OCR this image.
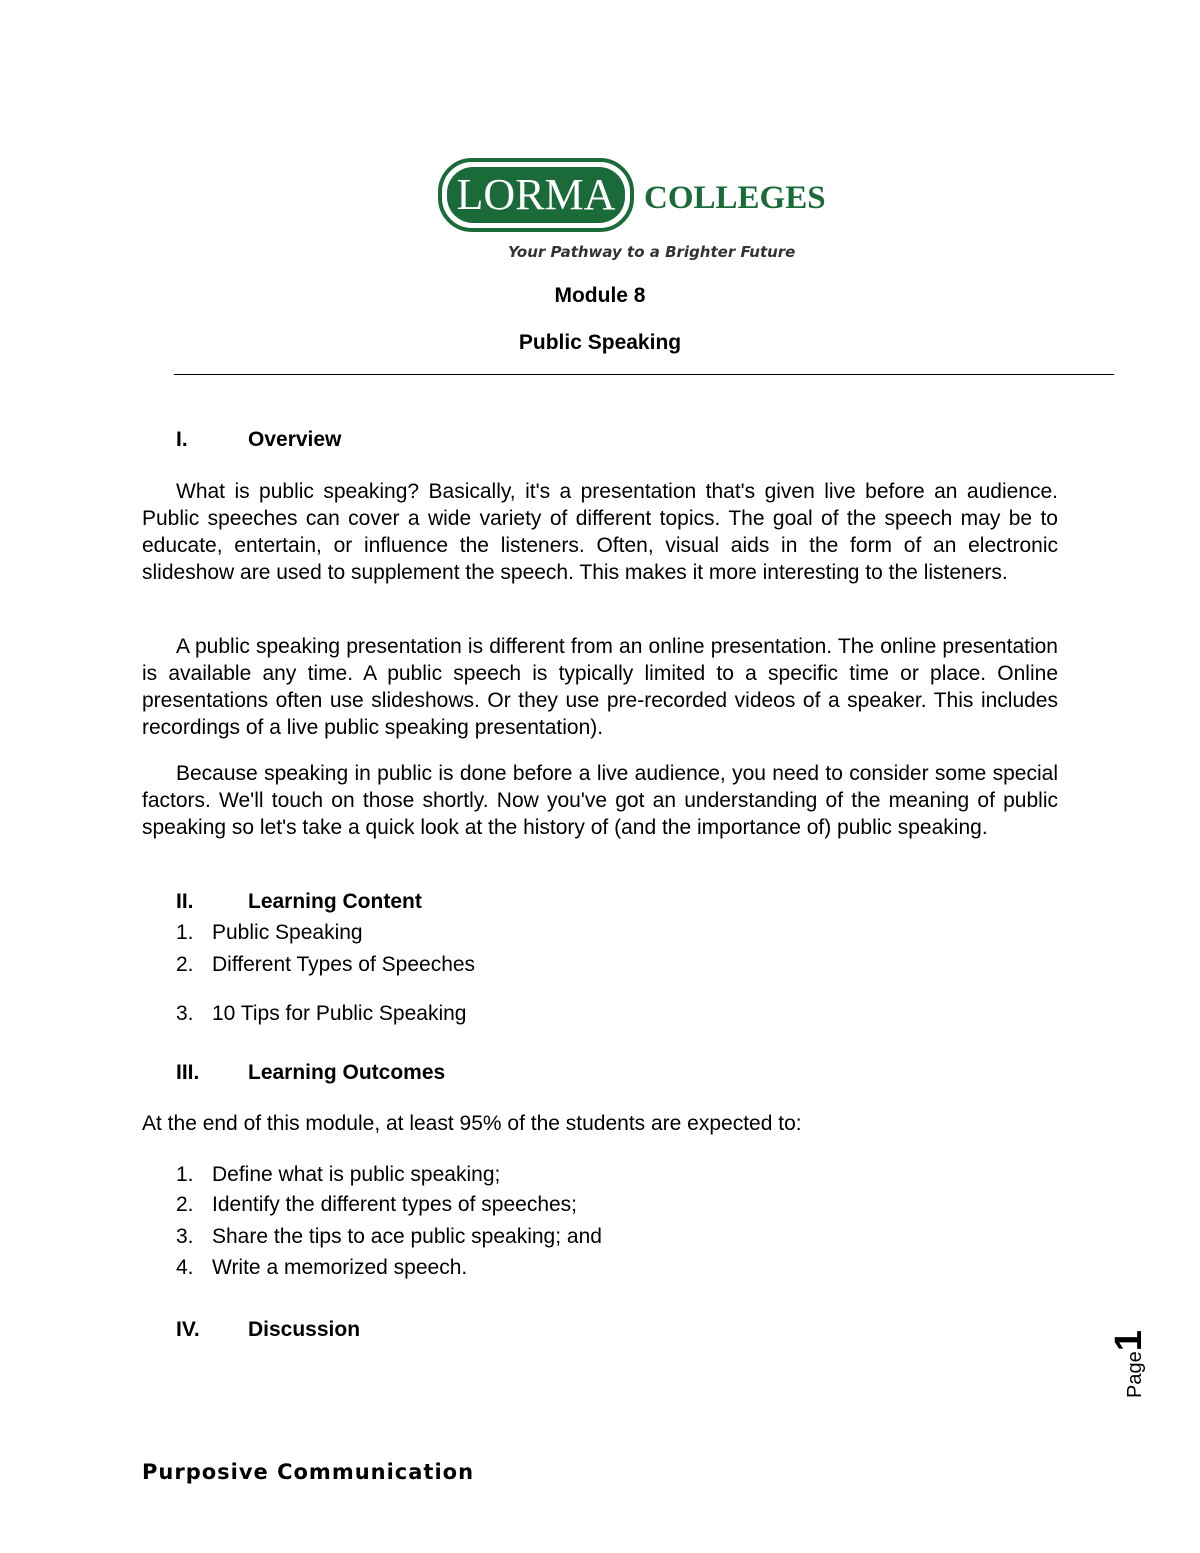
LORMA COLLEGES
Your Pathway to a Brighter Future
Module 8
Public Speaking
I.	Overview
What is public speaking? Basically, it's a presentation that's given live before an audience. Public speeches can cover a wide variety of different topics. The goal of the speech may be to educate, entertain, or influence the listeners. Often, visual aids in the form of an electronic slideshow are used to supplement the speech. This makes it more interesting to the listeners.
A public speaking presentation is different from an online presentation. The online presentation is available any time. A public speech is typically limited to a specific time or place. Online presentations often use slideshows. Or they use pre-recorded videos of a speaker. This includes recordings of a live public speaking presentation).
Because speaking in public is done before a live audience, you need to consider some special factors. We'll touch on those shortly. Now you've got an understanding of the meaning of public speaking so let's take a quick look at the history of (and the importance of) public speaking.
II.	Learning Content
1. Public Speaking
2. Different Types of Speeches
3. 10 Tips for Public Speaking
III. Learning Outcomes
At the end of this module, at least 95% of the students are expected to:
1. Define what is public speaking;
2. Identify the different types of speeches;
3. Share the tips to ace public speaking; and
4. Write a memorized speech.
IV. Discussion
Page1
Purposive Communication
